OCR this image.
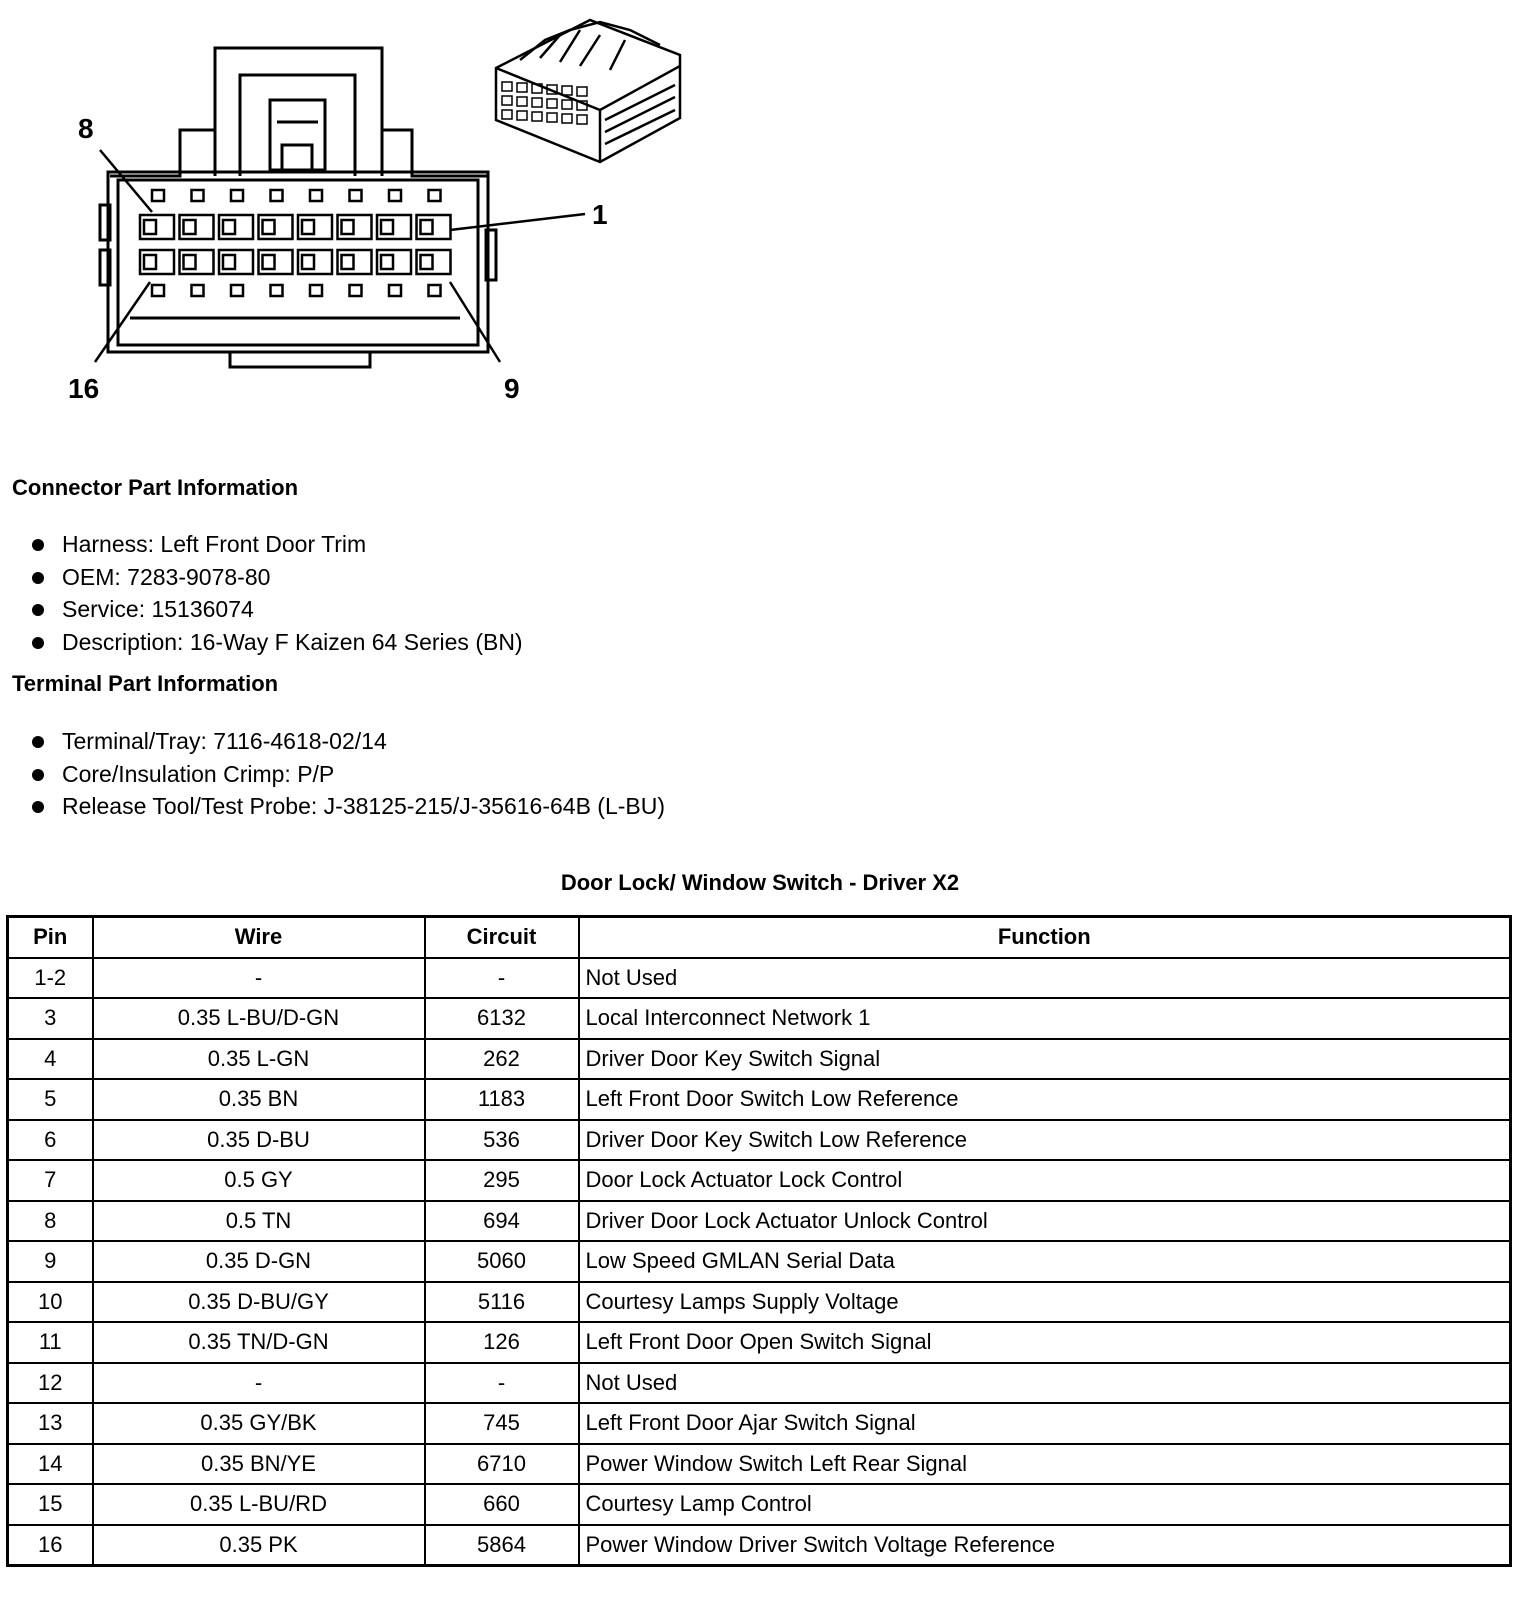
8
1
16	9
Connector Part Information
Harness: Left Front Door Trim
OEM: 7283-9078-80
Service: 15136074
Description: 16-Way F Kaizen 64 Series (BN)
Terminal Part Information
Terminal/Tray: 7116-4618-02/14
Core/Insulation Crimp: P/P
Release Tool/Test Probe: J-38125-215/J-35616-64B (L-BU)
Door Lock/ Window Switch - Driver X2
Pin	Wire	Circuit	Function
1-2	-	-	Not Used
3	0.35 L-BU/D-GN	6132	Local Interconnect Network 1
4	0.35 L-GN	262	Driver Door Key Switch Signal
5	0.35 BN	1183	Left Front Door Switch Low Reference
6	0.35 D-BU	536	Driver Door Key Switch Low Reference
7	0.5 GY	295	Door Lock Actuator Lock Control
8	0.5 TN	694	Driver Door Lock Actuator Unlock Control
9	0.35 D-GN	5060	Low Speed GMLAN Serial Data
10	0.35 D-BU/GY	5116	Courtesy Lamps Supply Voltage
11	0.35 TN/D-GN	126	Left Front Door Open Switch Signal
12	-	-	Not Used
13	0.35 GY/BK	745	Left Front Door Ajar Switch Signal
14	0.35 BN/YE	6710	Power Window Switch Left Rear Signal
15	0.35 L-BU/RD	660	Courtesy Lamp Control
16	0.35 PK	5864	Power Window Driver Switch Voltage Reference
